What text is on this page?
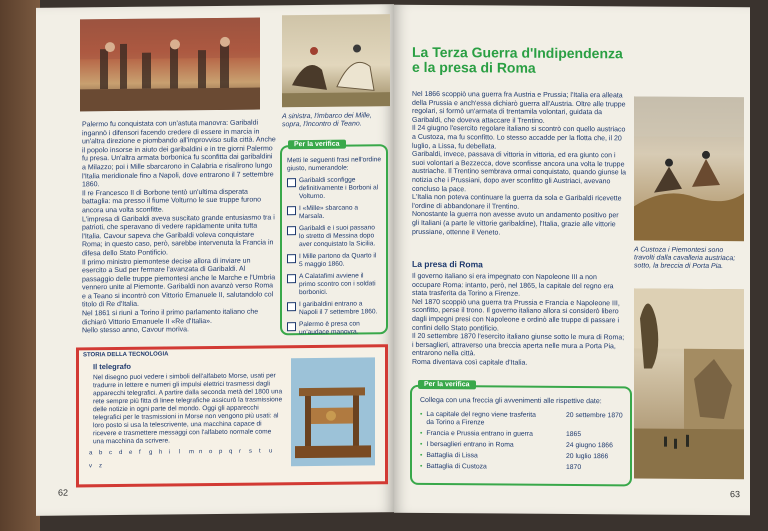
A sinistra, l'imbarco dei Mille, sopra, l'incontro di Teano.

Palermo fu conquistata con un'astuta manovra: Garibaldi ingannò i difensori facendo credere di essere in marcia in un'altra direzione e piombando all'improvviso sulla città. Anche il popolo insorse in aiuto dei garibaldini e in tre giorni Palermo fu presa. Un'altra armata borbonica fu sconfitta dai garibaldini a Milazzo; poi i Mille sbarcarono in Calabria e risalirono lungo l'Italia meridionale fino a Napoli, dove entrarono il 7 settembre 1860.

Il re Francesco II di Borbone tentò un'ultima disperata battaglia: ma presso il fiume Volturno le sue truppe furono ancora una volta sconfitte.

L'impresa di Garibaldi aveva suscitato grande entusiasmo tra i patrioti, che speravano di vedere rapidamente unita tutta l'Italia. Cavour sapeva che Garibaldi voleva conquistare Roma; in questo caso, però, sarebbe intervenuta la Francia in difesa dello Stato Pontificio.

Il primo ministro piemontese decise allora di inviare un esercito a Sud per fermare l'avanzata di Garibaldi. Al passaggio delle truppe piemontesi anche le Marche e l'Umbria vennero unite al Piemonte. Garibaldi non avanzò verso Roma e a Teano si incontrò con Vittorio Emanuele II, salutandolo col titolo di Re d'Italia.

Nel 1861 si riunì a Torino il primo parlamento italiano che dichiarò Vittorio Emanuele II «Re d'Italia».

Nello stesso anno, Cavour moriva.

Per la verifica
Metti le seguenti frasi nell'ordine giusto, numerandole:
Garibaldi sconfigge definitivamente i Borboni al Volturno.
I «Mille» sbarcano a Marsala.
Garibaldi e i suoi passano lo stretto di Messina dopo aver conquistato la Sicilia.
I Mille partono da Quarto il 5 maggio 1860.
A Calatafimi avviene il primo scontro con i soldati borbonici.
I garibaldini entrano a Napoli il 7 settembre 1860.
Palermo è presa con un'audace manovra.
STORIA DELLA TECNOLOGIA
Il telegrafo
Nel disegno puoi vedere i simboli dell'alfabeto Morse, usati per tradurre in lettere e numeri gli impulsi elettrici trasmessi dagli apparecchi telegrafici. A partire dalla seconda metà del 1800 una rete sempre più fitta di linee telegrafiche assicurò la trasmissione delle notizie in ogni parte del mondo. Oggi gli apparecchi telegrafici per le trasmissioni in Morse non vengono più usati: al loro posto si usa la telescrivente, una macchina capace di ricevere e trasmettere messaggi con l'alfabeto normale come una macchina da scrivere.
a	b	c	d	e	f	g	h	i	l	m n	o	p	q	r	s	t	u
v	z
62
La Terza Guerra d'Indipendenza e la presa di Roma

Nel 1866 scoppiò una guerra fra Austria e Prussia; l'Italia era alleata della Prussia e anch'essa dichiarò guerra all'Austria. Oltre alle truppe regolari, si formò un'armata di trentamila volontari, guidata da Garibaldi, che doveva attaccare il Trentino.

Il 24 giugno l'esercito regolare italiano si scontrò con quello austriaco a Custoza, ma fu sconfitto. Lo stesso accadde per la flotta che, il 20 luglio, a Lissa, fu debellata.

Garibaldi, invece, passava di vittoria in vittoria, ed era giunto con i suoi volontari a Bezzecca, dove sconfisse ancora una volta le truppe austriache. Il Trentino sembrava ormai conquistato, quando giunse la notizia che i Prussiani, dopo aver sconfitto gli Austriaci, avevano concluso la pace.

L'Italia non poteva continuare la guerra da sola e Garibaldi ricevette l'ordine di abbandonare il Trentino.

Nonostante la guerra non avesse avuto un andamento positivo per gli Italiani (a parte le vittorie garibaldine), l'Italia, grazie alle vittorie prussiane, ottenne il Veneto.

La presa di Roma

Il governo italiano si era impegnato con Napoleone III a non occupare Roma: intanto, però, nel 1865, la capitale del regno era stata trasferita da Torino a Firenze.

Nel 1870 scoppiò una guerra tra Prussia e Francia e Napoleone III, sconfitto, perse il trono. Il governo italiano allora si considerò libero dagli impegni presi con Napoleone e ordinò alle truppe di passare i confini dello Stato pontificio.

Il 20 settembre 1870 l'esercito italiano giunse sotto le mura di Roma; i bersaglieri, attraverso una breccia aperta nelle mura a Porta Pia, entrarono nella città.

Roma diventava così capitale d'Italia.

A Custoza i Piemontesi sono travolti dalla cavalleria austriaca; sotto, la breccia di Porta Pia.
Per la verifica
Collega con una freccia gli avvenimenti alle rispettive date:
• La capitale del regno viene trasferita da Torino a Firenze
20 settembre 1870
• Francia e Prussia entrano in guerra	1865
• I bersaglieri entrano in Roma	24 giugno 1866
• Battaglia di Lissa	20 luglio 1866
• Battaglia di Custoza	1870
63
